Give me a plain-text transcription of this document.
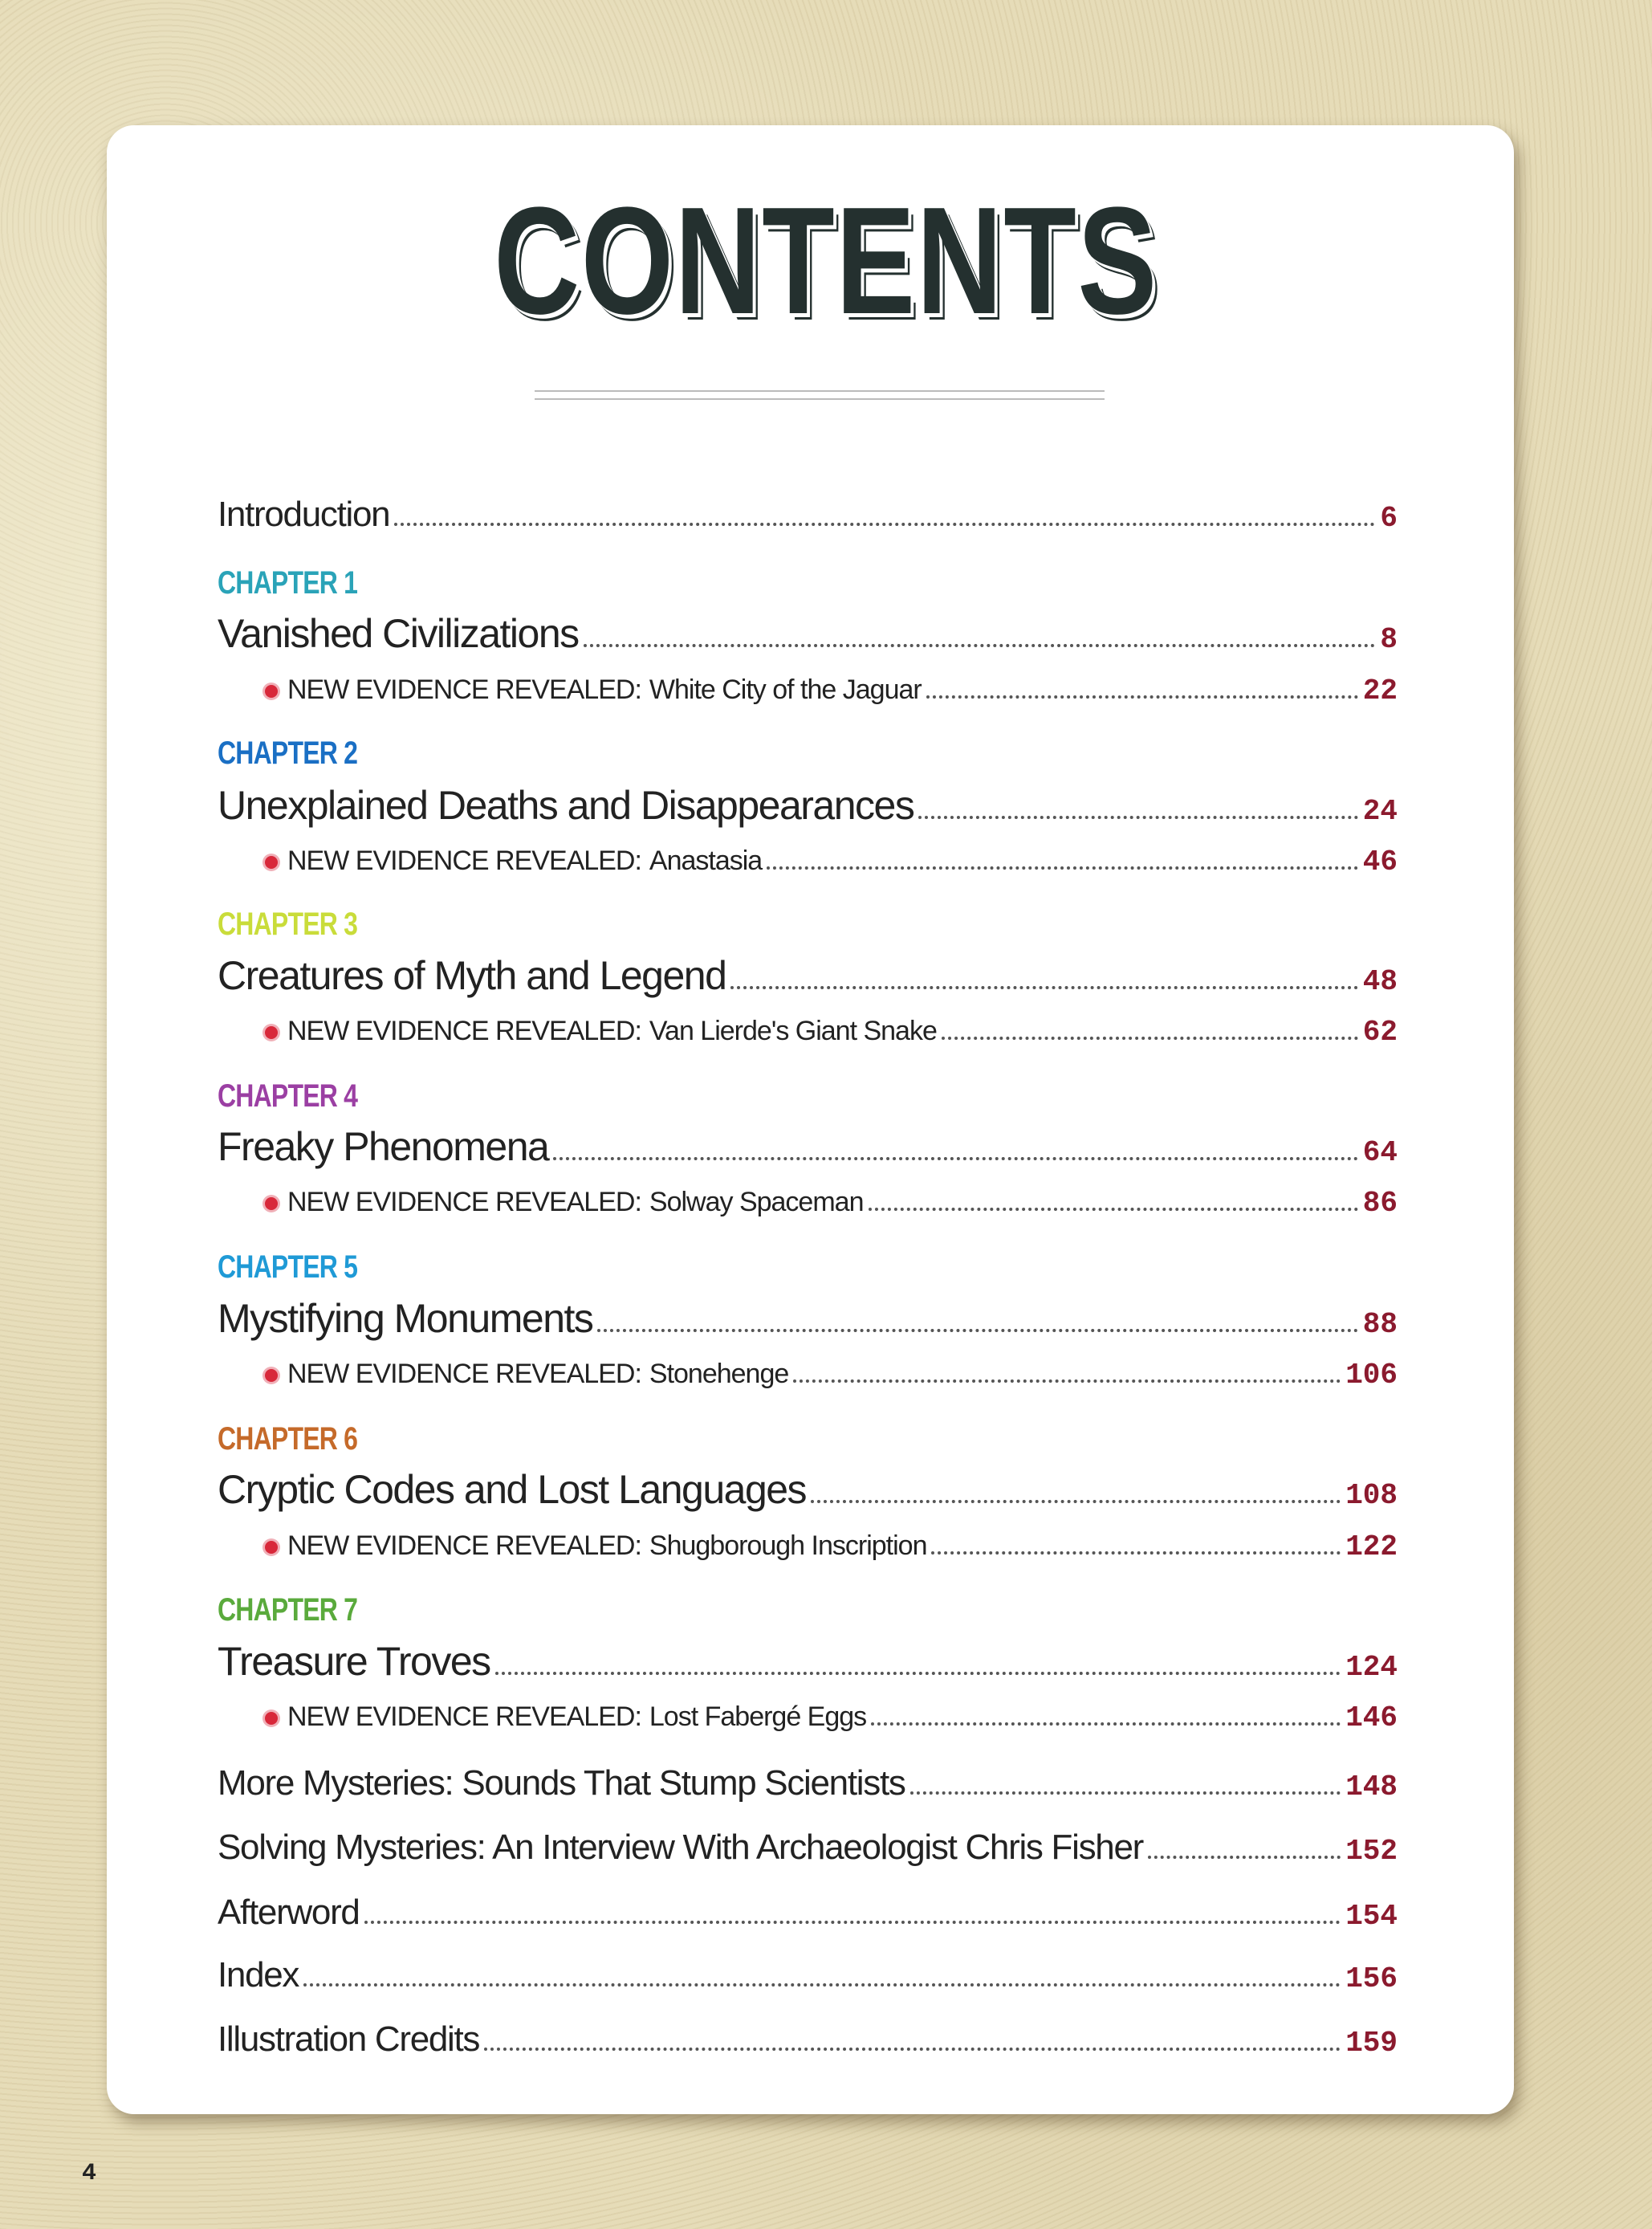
CONTENTS
Introduction	6
CHAPTER 1
Vanished Civilizations	8
NEW EVIDENCE REVEALED: White City of the Jaguar	22
CHAPTER 2
Unexplained Deaths and Disappearances	24
NEW EVIDENCE REVEALED: Anastasia	46
CHAPTER 3
Creatures of Myth and Legend	48
NEW EVIDENCE REVEALED: Van Lierde's Giant Snake	62
CHAPTER 4
Freaky Phenomena	64
NEW EVIDENCE REVEALED: Solway Spaceman	86
CHAPTER 5
Mystifying Monuments	88
NEW EVIDENCE REVEALED: Stonehenge	106
CHAPTER 6
Cryptic Codes and Lost Languages	108
NEW EVIDENCE REVEALED: Shugborough Inscription	122
CHAPTER 7
Treasure Troves	124
NEW EVIDENCE REVEALED: Lost Fabergé Eggs	146
More Mysteries: Sounds That Stump Scientists	148
Solving Mysteries: An Interview With Archaeologist Chris Fisher	152
Afterword	154
Index	156
Illustration Credits	159
4
